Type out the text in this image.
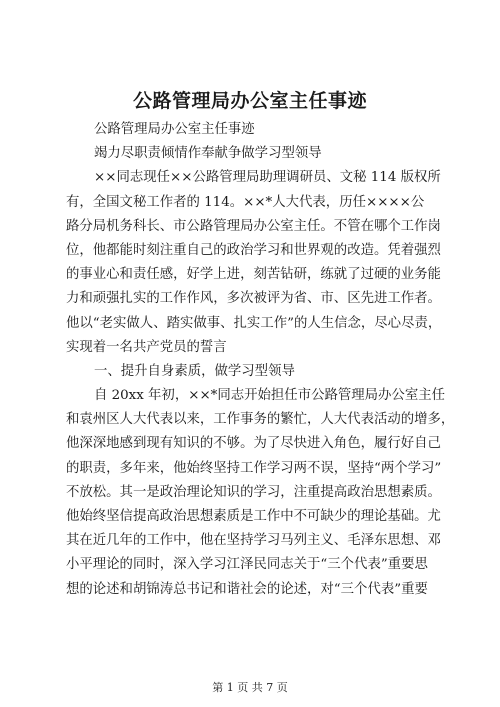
公路管理局办公室主任事迹
公路管理局办公室主任事迹
竭力尽职责倾情作奉献争做学习型领导
××同志现任××公路管理局助理调研员、文秘 114 版权所
有，全国文秘工作者的 114。××*人大代表，历任××××公
路分局机务科长、市公路管理局办公室主任。不管在哪个工作岗
位，他都能时刻注重自己的政治学习和世界观的改造。凭着强烈
的事业心和责任感，好学上进，刻苦钻研，练就了过硬的业务能
力和顽强扎实的工作作风，多次被评为省、市、区先进工作者。
他以“老实做人、踏实做事、扎实工作”的人生信念，尽心尽责，
实现着一名共产党员的誓言
一、提升自身素质，做学习型领导
自 20xx 年初，××*同志开始担任市公路管理局办公室主任
和袁州区人大代表以来，工作事务的繁忙，人大代表活动的增多，
他深深地感到现有知识的不够。为了尽快进入角色，履行好自己
的职责，多年来，他始终坚持工作学习两不误，坚持“两个学习”
不放松。其一是政治理论知识的学习，注重提高政治思想素质。
他始终坚信提高政治思想素质是工作中不可缺少的理论基础。尤
其在近几年的工作中，他在坚持学习马列主义、毛泽东思想、邓
小平理论的同时，深入学习江泽民同志关于“三个代表”重要思
想的论述和胡锦涛总书记和谐社会的论述，对“三个代表”重要
第 1 页 共 7 页
